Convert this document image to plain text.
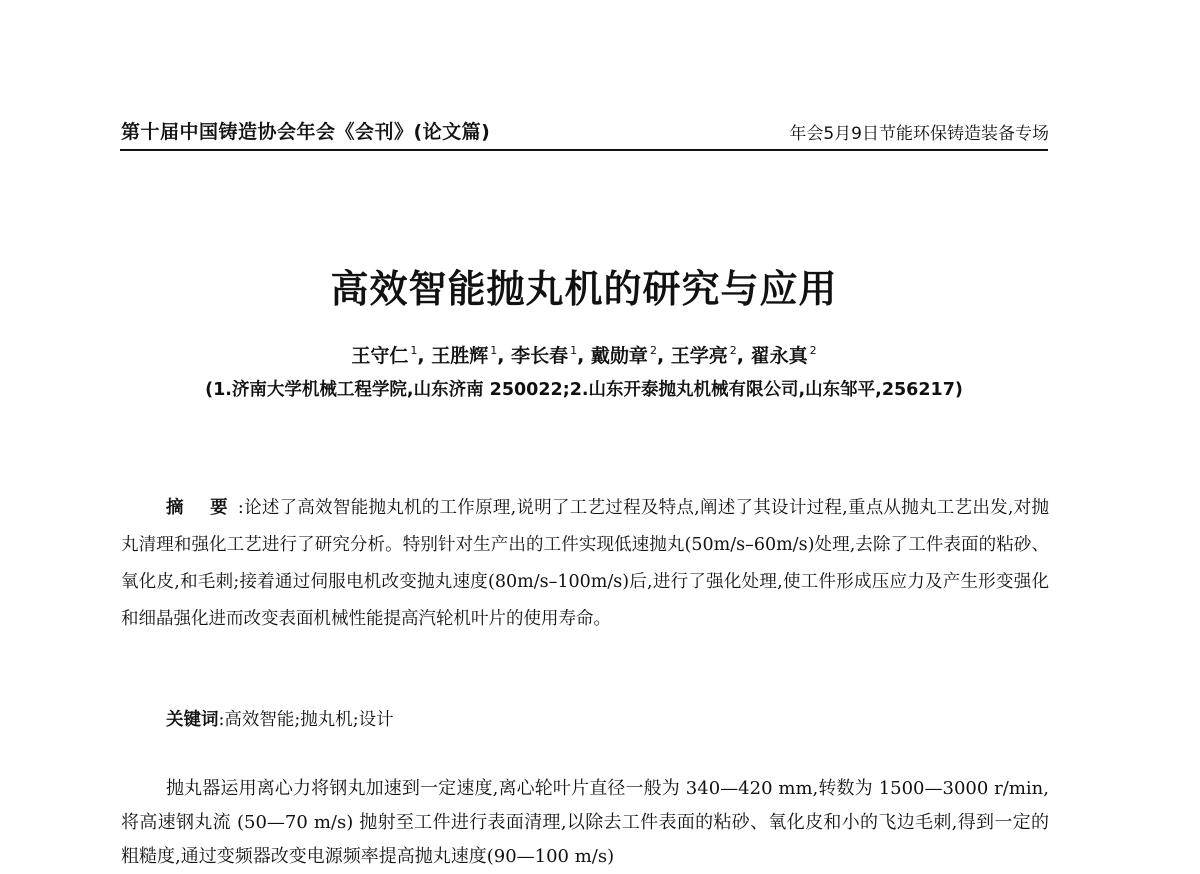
第十届中国铸造协会年会《会刊》(论文篇)	年会5月9日节能环保铸造装备专场
高效智能抛丸机的研究与应用
王守仁 $^1$, 王胜辉 $^1$, 李长春 $^1$, 戴勋章 $^2$, 王学亮 $^2$, 翟永真 $^2$
(1.济南大学机械工程学院,山东济南 250022;2.山东开泰抛丸机械有限公司,山东邹平,256217)

摘 要:论述了高效智能抛丸机的工作原理,说明了工艺过程及特点,阐述了其设计过程,重点从抛丸工艺出发,对抛丸清理和强化工艺进行了研究分析。特别针对生产出的工件实现低速抛丸(50m/s–60m/s)处理,去除了工件表面的粘砂、氧化皮,和毛刺;接着通过伺服电机改变抛丸速度(80m/s–100m/s)后,进行了强化处理,使工件形成压应力及产生形变强化和细晶强化进而改变表面机械性能提高汽轮机叶片的使用寿命。

关键词:高效智能;抛丸机;设计

抛丸器运用离心力将钢丸加速到一定速度,离心轮叶片直径一般为 340—420 mm,转数为 1500—3000 r/min,将高速钢丸流 (50—70 m/s) 抛射至工件进行表面清理,以除去工件表面的粘砂、氧化皮和小的飞边毛刺,得到一定的粗糙度,通过变频器改变电源频率提高抛丸速度(90—100 m/s)
